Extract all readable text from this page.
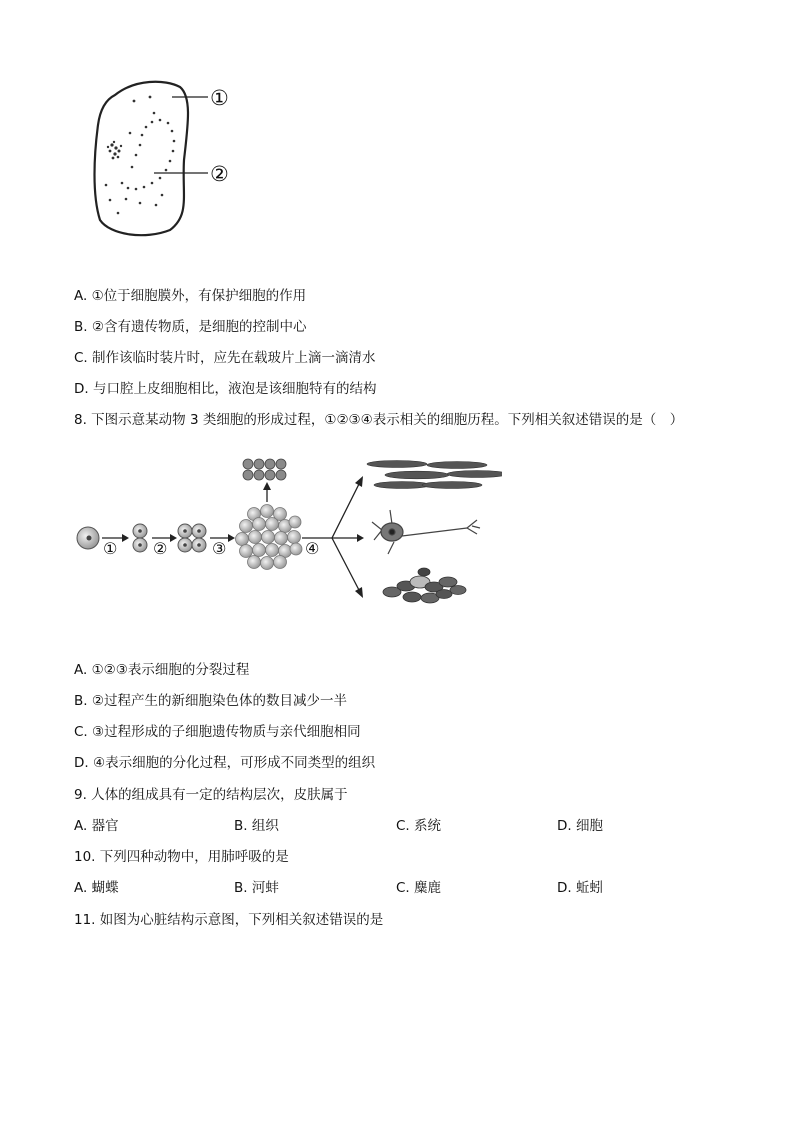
①
②
A. ①位于细胞膜外，有保护细胞的作用
B. ②含有遗传物质，是细胞的控制中心
C. 制作该临时装片时，应先在载玻片上滴一滴清水
D. 与口腔上皮细胞相比，液泡是该细胞特有的结构
8. 下图示意某动物 3 类细胞的形成过程，①②③④表示相关的细胞历程。下列相关叙述错误的是（　）
① ②	③	④
A. ①②③表示细胞的分裂过程
B. ②过程产生的新细胞染色体的数目减少一半
C. ③过程形成的子细胞遗传物质与亲代细胞相同
D. ④表示细胞的分化过程，可形成不同类型的组织
9. 人体的组成具有一定的结构层次，皮肤属于
A. 器官	B. 组织	C. 系统	D. 细胞
10. 下列四种动物中，用肺呼吸的是
A. 蝴蝶	B. 河蚌	C. 麋鹿	D. 蚯蚓
11. 如图为心脏结构示意图，下列相关叙述错误的是
